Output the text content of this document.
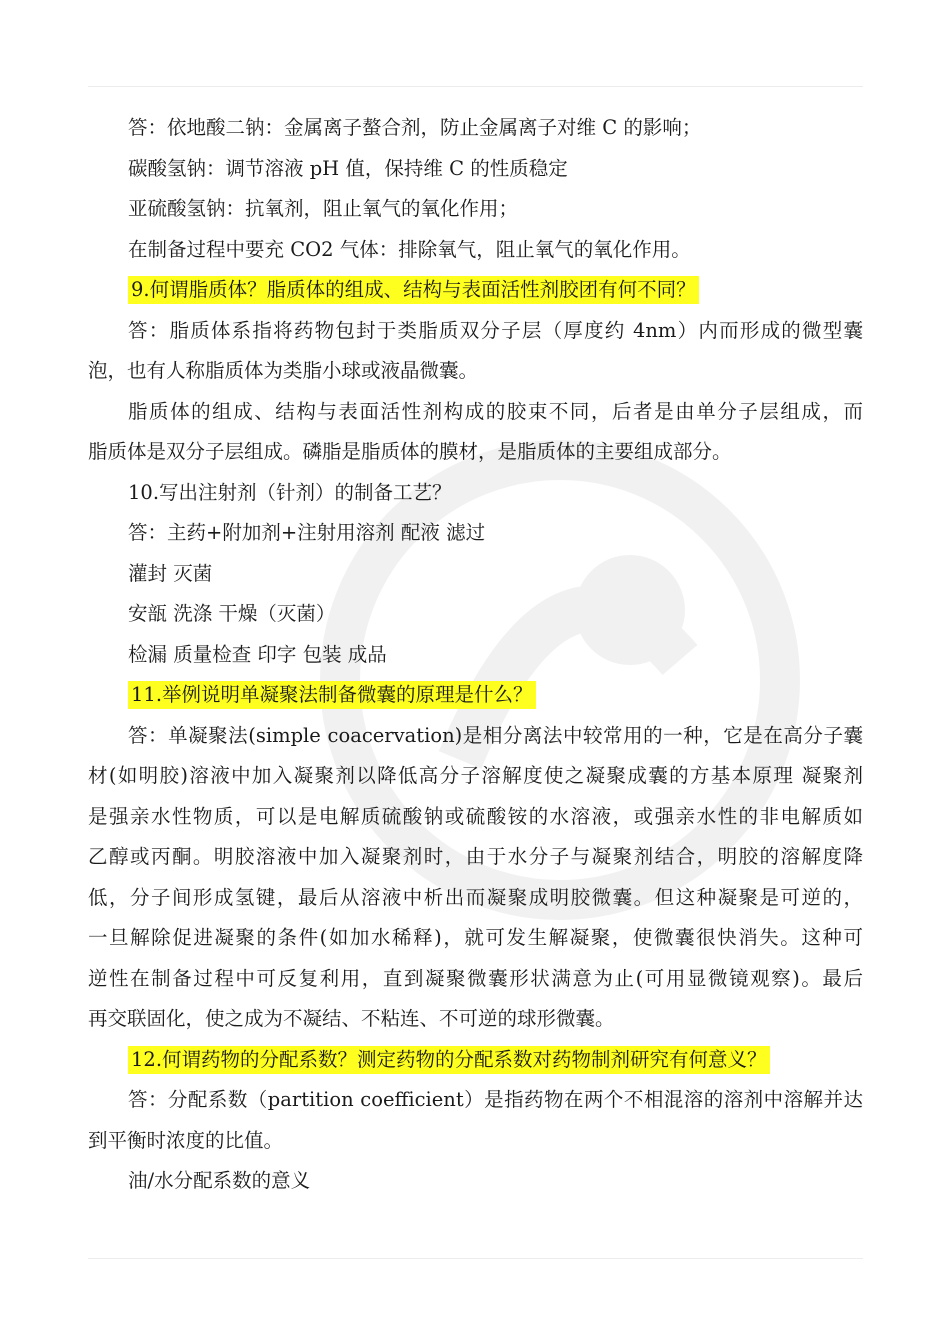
答：依地酸二钠：金属离子螯合剂，防止金属离子对维 C 的影响；
碳酸氢钠：调节溶液 pH 值，保持维 C 的性质稳定
亚硫酸氢钠：抗氧剂，阻止氧气的氧化作用；
在制备过程中要充 CO2 气体：排除氧气，阻止氧气的氧化作用。
9.何谓脂质体？脂质体的组成、结构与表面活性剂胶团有何不同？
答：脂质体系指将药物包封于类脂质双分子层（厚度约 4nm）内而形成的微型囊
泡，也有人称脂质体为类脂小球或液晶微囊。
脂质体的组成、结构与表面活性剂构成的胶束不同，后者是由单分子层组成，而
脂质体是双分子层组成。磷脂是脂质体的膜材，是脂质体的主要组成部分。
10.写出注射剂（针剂）的制备工艺？
答：主药+附加剂+注射用溶剂 配液 滤过
灌封 灭菌
安瓿 洗涤 干燥（灭菌）
检漏 质量检查 印字 包装 成品
11.举例说明单凝聚法制备微囊的原理是什么？
答：单凝聚法(simple coacervation)是相分离法中较常用的一种，它是在高分子囊
材(如明胶)溶液中加入凝聚剂以降低高分子溶解度使之凝聚成囊的方基本原理 凝聚剂
是强亲水性物质，可以是电解质硫酸钠或硫酸铵的水溶液，或强亲水性的非电解质如
乙醇或丙酮。明胶溶液中加入凝聚剂时，由于水分子与凝聚剂结合，明胶的溶解度降
低，分子间形成氢键，最后从溶液中析出而凝聚成明胶微囊。但这种凝聚是可逆的，
一旦解除促进凝聚的条件(如加水稀释)，就可发生解凝聚，使微囊很快消失。这种可
逆性在制备过程中可反复利用，直到凝聚微囊形状满意为止(可用显微镜观察)。最后
再交联固化，使之成为不凝结、不粘连、不可逆的球形微囊。
12.何谓药物的分配系数？测定药物的分配系数对药物制剂研究有何意义？
答：分配系数（partition coefficient）是指药物在两个不相混溶的溶剂中溶解并达
到平衡时浓度的比值。
油/水分配系数的意义
